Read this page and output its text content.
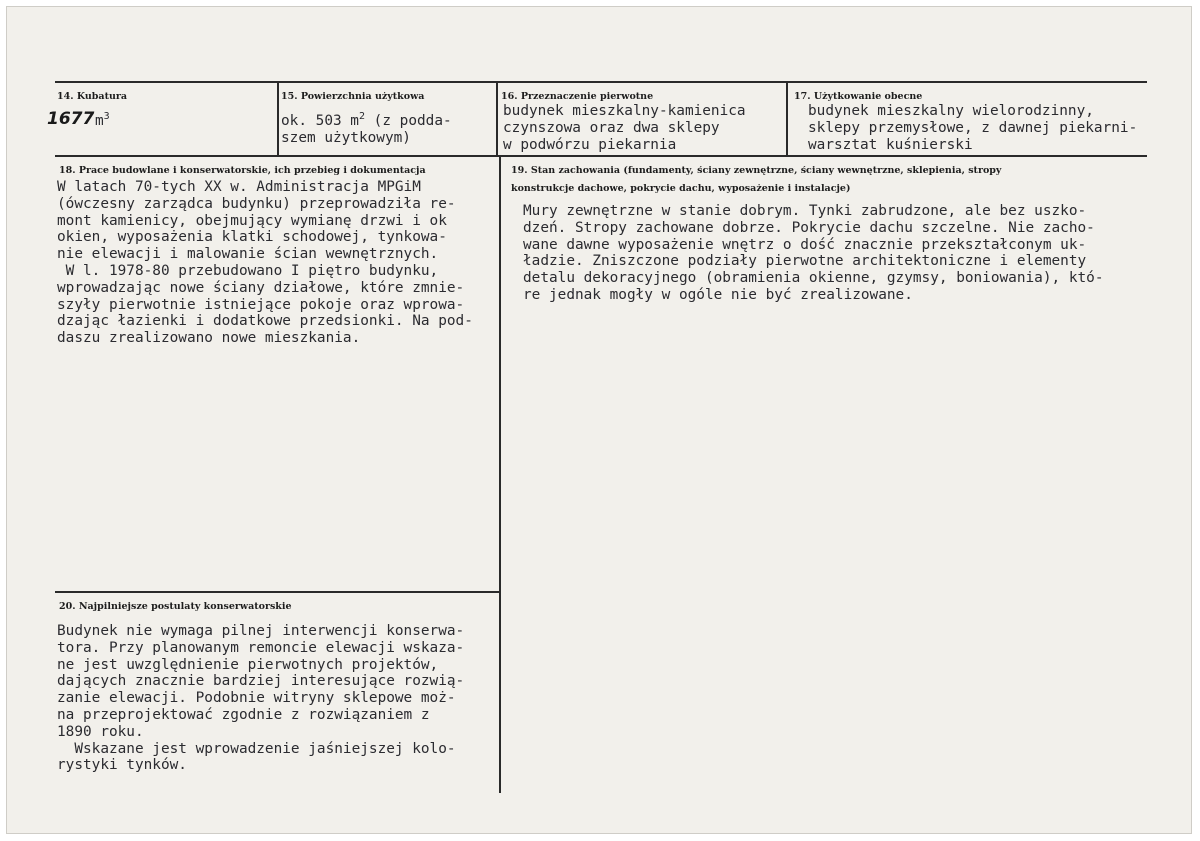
14. Kubatura
1677 $m^3$
15. Powierzchnia użytkowa
ok. 503 $m^2$ (z podda-
szem użytkowym)
16. Przeznaczenie pierwotne
budynek mieszkalny-kamienica
czynszowa oraz dwa sklepy
w podwórzu piekarnia
17. Użytkowanie obecne
budynek mieszkalny wielorodzinny,
sklepy przemysłowe, z dawnej piekarni-
warsztat kuśnierski
18. Prace budowlane i konserwatorskie, ich przebieg i dokumentacja
W latach 70-tych XX w. Administracja MPGiM
(ówczesny zarządca budynku) przeprowadziła re-
mont kamienicy, obejmujący wymianę drzwi i ok
okien, wyposażenia klatki schodowej, tynkowa-
nie elewacji i malowanie ścian wewnętrznych.
W l. 1978-80 przebudowano I piętro budynku,
wprowadzając nowe ściany działowe, które zmnie-
szyły pierwotnie istniejące pokoje oraz wprowa-
dzając łazienki i dodatkowe przedsionki. Na pod-
daszu zrealizowano nowe mieszkania.
19. Stan zachowania (fundamenty, ściany zewnętrzne, ściany wewnętrzne, sklepienia, stropy
konstrukcje dachowe, pokrycie dachu, wyposażenie i instalacje)
Mury zewnętrzne w stanie dobrym. Tynki zabrudzone, ale bez uszko-
dzeń. Stropy zachowane dobrze. Pokrycie dachu szczelne. Nie zacho-
wane dawne wyposażenie wnętrz o dość znacznie przekształconym uk-
ładzie. Zniszczone podziały pierwotne architektoniczne i elementy
detalu dekoracyjnego (obramienia okienne, gzymsy, boniowania), któ-
re jednak mogły w ogóle nie być zrealizowane.
20. Najpilniejsze postulaty konserwatorskie
Budynek nie wymaga pilnej interwencji konserwa-
tora. Przy planowanym remoncie elewacji wskaza-
ne jest uwzględnienie pierwotnych projektów,
dających znacznie bardziej interesujące rozwią-
zanie elewacji. Podobnie witryny sklepowe moż-
na przeprojektować zgodnie z rozwiązaniem z
1890 roku.
Wskazane jest wprowadzenie jaśniejszej kolo-
rystyki tynków.
